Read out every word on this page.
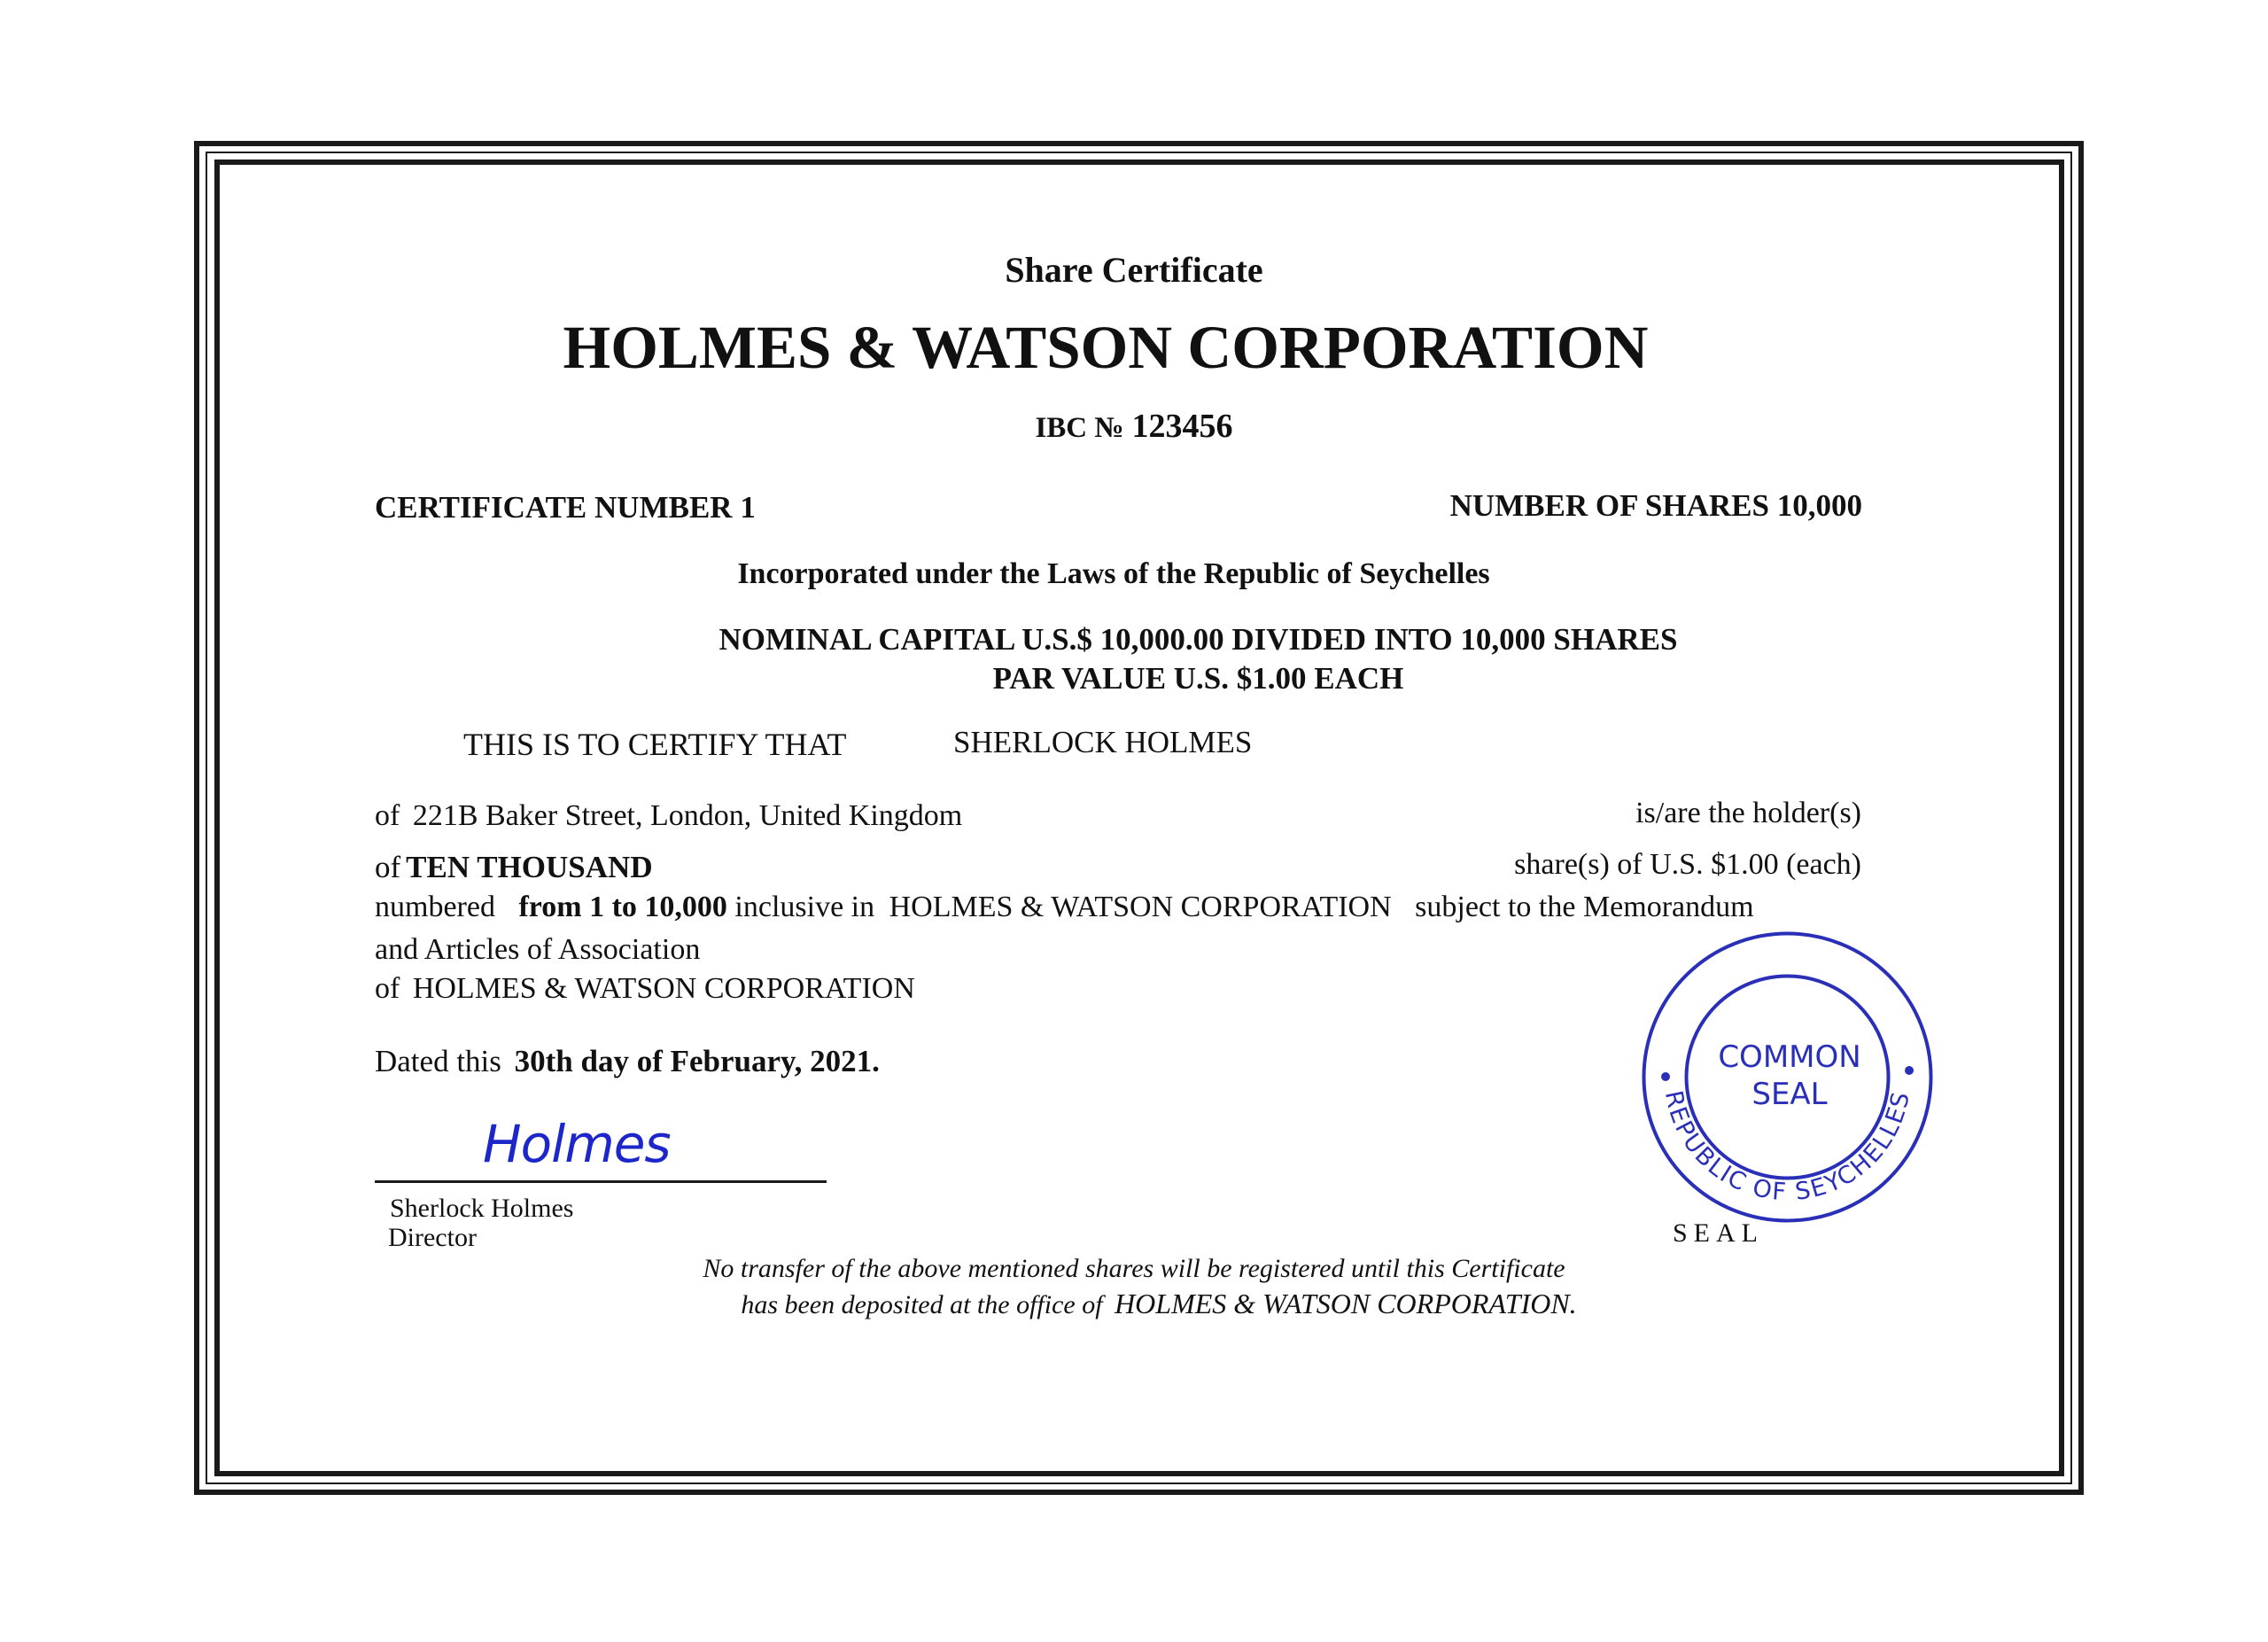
Share Certificate
HOLMES & WATSON CORPORATION
IBC № 123456
CERTIFICATE NUMBER 1	NUMBER OF SHARES 10,000
Incorporated under the Laws of the Republic of Seychelles
NOMINAL CAPITAL U.S.$ 10,000.00 DIVIDED INTO 10,000 SHARES
PAR VALUE U.S. $1.00 EACH
THIS IS TO CERTIFY THAT	SHERLOCK HOLMES
of 221B Baker Street, London, United Kingdom	is/are the holder(s)
of TEN THOUSAND	share(s) of U.S. $1.00 (each)
numbered from 1 to 10,000 inclusive in HOLMES & WATSON CORPORATION subject to the Memorandum
and Articles of Association
of HOLMES & WATSON CORPORATION
Dated this 30th day of February, 2021.
Holmes
Sherlock Holmes
Director
COMMON
SEAL
REPUBLIC OF SEYCHELLES
SEAL
No transfer of the above mentioned shares will be registered until this Certificate
has been deposited at the office of HOLMES & WATSON CORPORATION.
